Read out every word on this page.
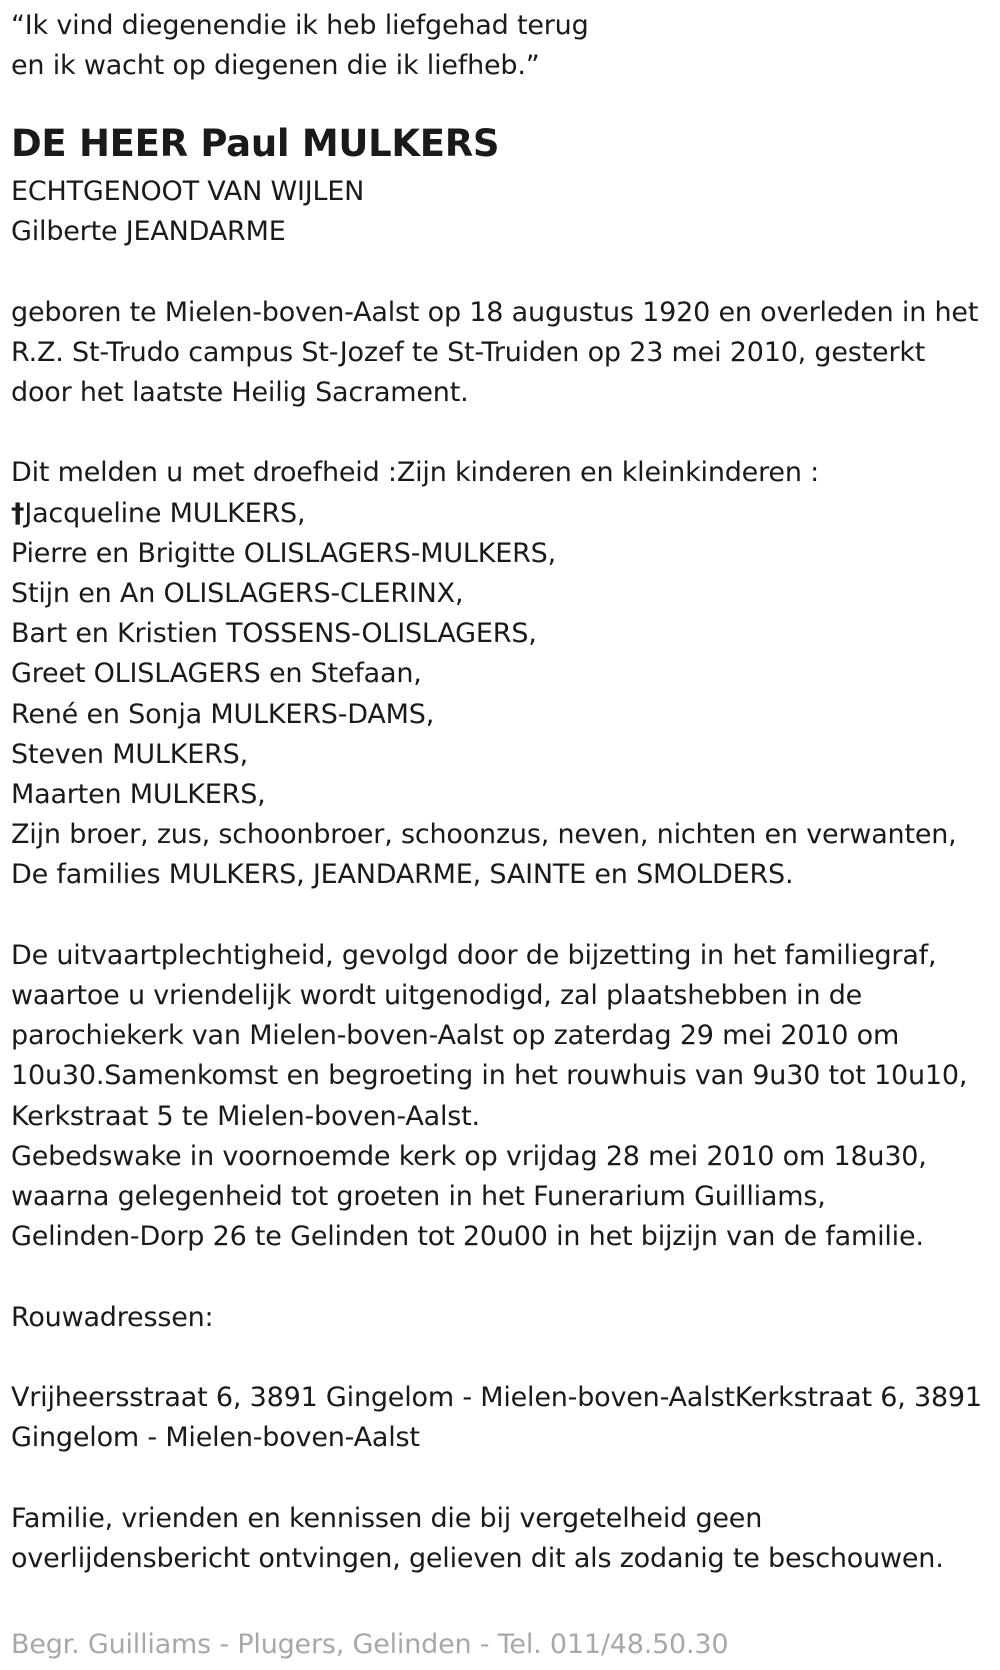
“Ik vind diegenendie ik heb liefgehad terug
en ik wacht op diegenen die ik liefheb.”
DE HEER Paul MULKERS
ECHTGENOOT VAN WIJLEN
Gilberte JEANDARME
geboren te Mielen-boven-Aalst op 18 augustus 1920 en overleden in het
R.Z. St-Trudo campus St-Jozef te St-Truiden op 23 mei 2010, gesterkt
door het laatste Heilig Sacrament.
Dit melden u met droefheid :Zijn kinderen en kleinkinderen :
†Jacqueline MULKERS,
Pierre en Brigitte OLISLAGERS-MULKERS,
Stijn en An OLISLAGERS-CLERINX,
Bart en Kristien TOSSENS-OLISLAGERS,
Greet OLISLAGERS en Stefaan,
René en Sonja MULKERS-DAMS,
Steven MULKERS,
Maarten MULKERS,
Zijn broer, zus, schoonbroer, schoonzus, neven, nichten en verwanten,
De families MULKERS, JEANDARME, SAINTE en SMOLDERS.
De uitvaartplechtigheid, gevolgd door de bijzetting in het familiegraf,
waartoe u vriendelijk wordt uitgenodigd, zal plaatshebben in de
parochiekerk van Mielen-boven-Aalst op zaterdag 29 mei 2010 om
10u30.Samenkomst en begroeting in het rouwhuis van 9u30 tot 10u10,
Kerkstraat 5 te Mielen-boven-Aalst.
Gebedswake in voornoemde kerk op vrijdag 28 mei 2010 om 18u30,
waarna gelegenheid tot groeten in het Funerarium Guilliams,
Gelinden-Dorp 26 te Gelinden tot 20u00 in het bijzijn van de familie.
Rouwadressen:
Vrijheersstraat 6, 3891 Gingelom - Mielen-boven-AalstKerkstraat 6, 3891
Gingelom - Mielen-boven-Aalst
Familie, vrienden en kennissen die bij vergetelheid geen
overlijdensbericht ontvingen, gelieven dit als zodanig te beschouwen.
Begr. Guilliams - Plugers, Gelinden - Tel. 011/48.50.30
